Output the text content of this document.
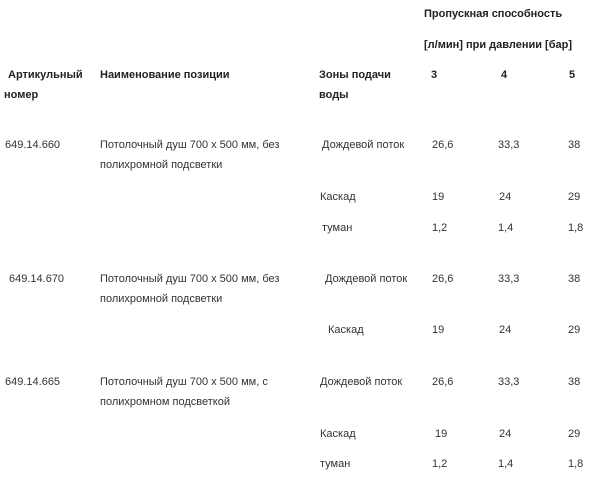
Пропускная способность
[л/мин] при давлении [бар]
Артикульный
номер
Наименование позиции	Зоны подачи
воды
3	4	5
649.14.660	Потолочный душ 700 x 500 мм, без
полихромной подсветки
Дождевой поток	26,6	33,3	38
Каскад	19	24	29
туман	1,2	1,4	1,8
649.14.670	Потолочный душ 700 x 500 мм, без
полихромной подсветки
Дождевой поток 26,6	33,3	38
Каскад	19	24	29
649.14.665	Потолочный душ 700 x 500 мм, с
полихромном подсветкой
Дождевой поток	26,6	33,3	38
Каскад	19	24	29
туман	1,2	1,4	1,8
